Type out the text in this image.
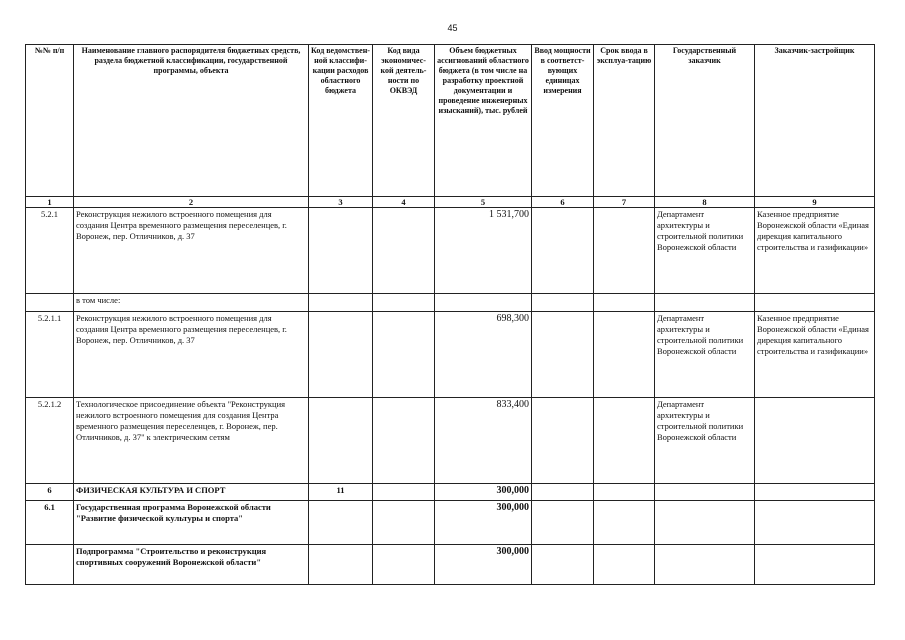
45
№№ п/п	Наименование главного распорядителя бюджетных средств, раздела бюджетной классификации, государственной программы, объекта	Код ведомствен-ной классифи-кации расходов областного бюджета	Код вида экономичес-кой деятель-ности по ОКВЭД	Объем бюджетных ассигнований областного бюджета (в том числе на разработку проектной документации и проведение инженерных изысканий), тыс. рублей	Ввод мощности в соответст-вующих единицах измерения	Срок ввода в эксплуа-тацию	Государственный заказчик	Заказчик-застройщик
1	2	3	4	5	6	7	8	9
5.2.1	Реконструкция нежилого встроенного помещения для создания Центра временного размещения переселенцев, г. Воронеж, пер. Отличников, д. 37			1 531,700			Департамент архитектуры и строительной политики Воронежской области	Казенное предприятие Воронежской области «Единая дирекция капитального строительства и газификации»
	в том числе:							
5.2.1.1	Реконструкция нежилого встроенного помещения для создания Центра временного размещения переселенцев, г. Воронеж, пер. Отличников, д. 37			698,300			Департамент архитектуры и строительной политики Воронежской области	Казенное предприятие Воронежской области «Единая дирекция капитального строительства и газификации»
5.2.1.2	Технологическое присоединение объекта "Реконструкция нежилого встроенного помещения для создания Центра временного размещения переселенцев, г. Воронеж, пер. Отличников, д. 37" к электрическим сетям			833,400			Департамент архитектуры и строительной политики Воронежской области	
6	ФИЗИЧЕСКАЯ КУЛЬТУРА И СПОРТ	11		300,000				
6.1	Государственная программа Воронежской области "Развитие физической культуры и спорта"			300,000				
	Подпрограмма "Строительство и реконструкция спортивных сооружений Воронежской области"			300,000				
